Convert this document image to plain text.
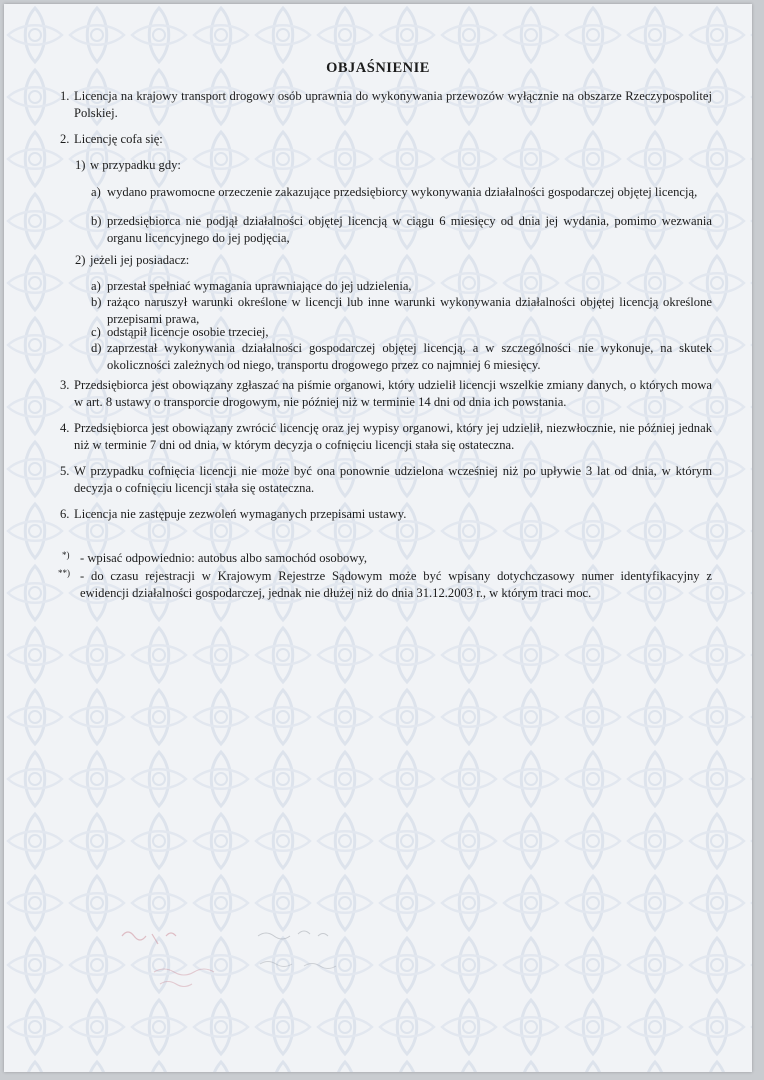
OBJAŚNIENIE
1. Licencja na krajowy transport drogowy osób uprawnia do wykonywania przewozów wyłącznie na obszarze Rzeczypospolitej Polskiej.
2. Licencję cofa się:
1) w przypadku gdy:
a) wydano prawomocne orzeczenie zakazujące przedsiębiorcy wykonywania działalności gospodarczej objętej licencją,
b) przedsiębiorca nie podjął działalności objętej licencją w ciągu 6 miesięcy od dnia jej wydania, pomimo wezwania organu licencyjnego do jej podjęcia,
2) jeżeli jej posiadacz:
a) przestał spełniać wymagania uprawniające do jej udzielenia,
b) rażąco naruszył warunki określone w licencji lub inne warunki wykonywania działalności objętej licencją określone przepisami prawa,
c) odstąpił licencje osobie trzeciej,
d) zaprzestał wykonywania działalności gospodarczej objętej licencją, a w szczególności nie wykonuje, na skutek okoliczności zależnych od niego, transportu drogowego przez co najmniej 6 miesięcy.
3. Przedsiębiorca jest obowiązany zgłaszać na piśmie organowi, który udzielił licencji wszelkie zmiany danych, o których mowa w art. 8 ustawy o transporcie drogowym, nie później niż w terminie 14 dni od dnia ich powstania.
4. Przedsiębiorca jest obowiązany zwrócić licencję oraz jej wypisy organowi, który jej udzielił, niezwłocznie, nie później jednak niż w terminie 7 dni od dnia, w którym decyzja o cofnięciu licencji stała się ostateczna.
5. W przypadku cofnięcia licencji nie może być ona ponownie udzielona wcześniej niż po upływie 3 lat od dnia, w którym decyzja o cofnięciu licencji stała się ostateczna.
6. Licencja nie zastępuje zezwoleń wymaganych przepisami ustawy.
*) - wpisać odpowiednio: autobus albo samochód osobowy,
**) - do czasu rejestracji w Krajowym Rejestrze Sądowym może być wpisany dotychczasowy numer identyfikacyjny z ewidencji działalności gospodarczej, jednak nie dłużej niż do dnia 31.12.2003 r., w którym traci moc.
